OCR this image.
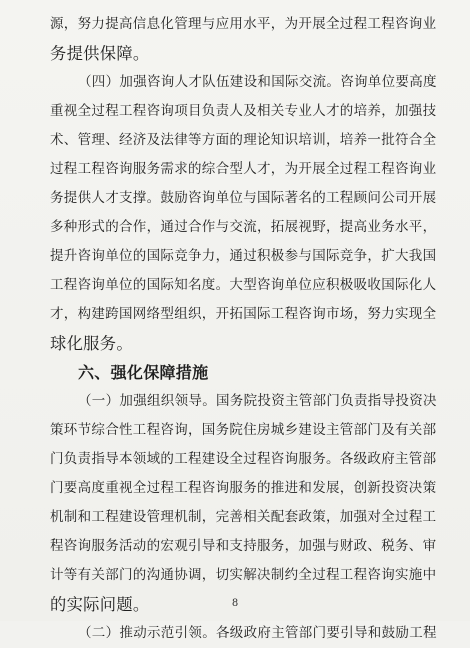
源，努力提高信息化管理与应用水平，为开展全过程工程咨询业
务提供保障。
（四）加强咨询人才队伍建设和国际交流。咨询单位要高度
重视全过程工程咨询项目负责人及相关专业人才的培养，加强技
术、管理、经济及法律等方面的理论知识培训，培养一批符合全
过程工程咨询服务需求的综合型人才，为开展全过程工程咨询业
务提供人才支撑。鼓励咨询单位与国际著名的工程顾问公司开展
多种形式的合作，通过合作与交流，拓展视野，提高业务水平，
提升咨询单位的国际竞争力，通过积极参与国际竞争，扩大我国
工程咨询单位的国际知名度。大型咨询单位应积极吸收国际化人
才，构建跨国网络型组织，开拓国际工程咨询市场，努力实现全
球化服务。
六、强化保障措施
（一）加强组织领导。国务院投资主管部门负责指导投资决
策环节综合性工程咨询，国务院住房城乡建设主管部门及有关部
门负责指导本领域的工程建设全过程咨询服务。各级政府主管部
门要高度重视全过程工程咨询服务的推进和发展，创新投资决策
机制和工程建设管理机制，完善相关配套政策，加强对全过程工
程咨询服务活动的宏观引导和支持服务，加强与财政、税务、审
计等有关部门的沟通协调，切实解决制约全过程工程咨询实施中
的实际问题。
（二）推动示范引领。各级政府主管部门要引导和鼓励工程
8
